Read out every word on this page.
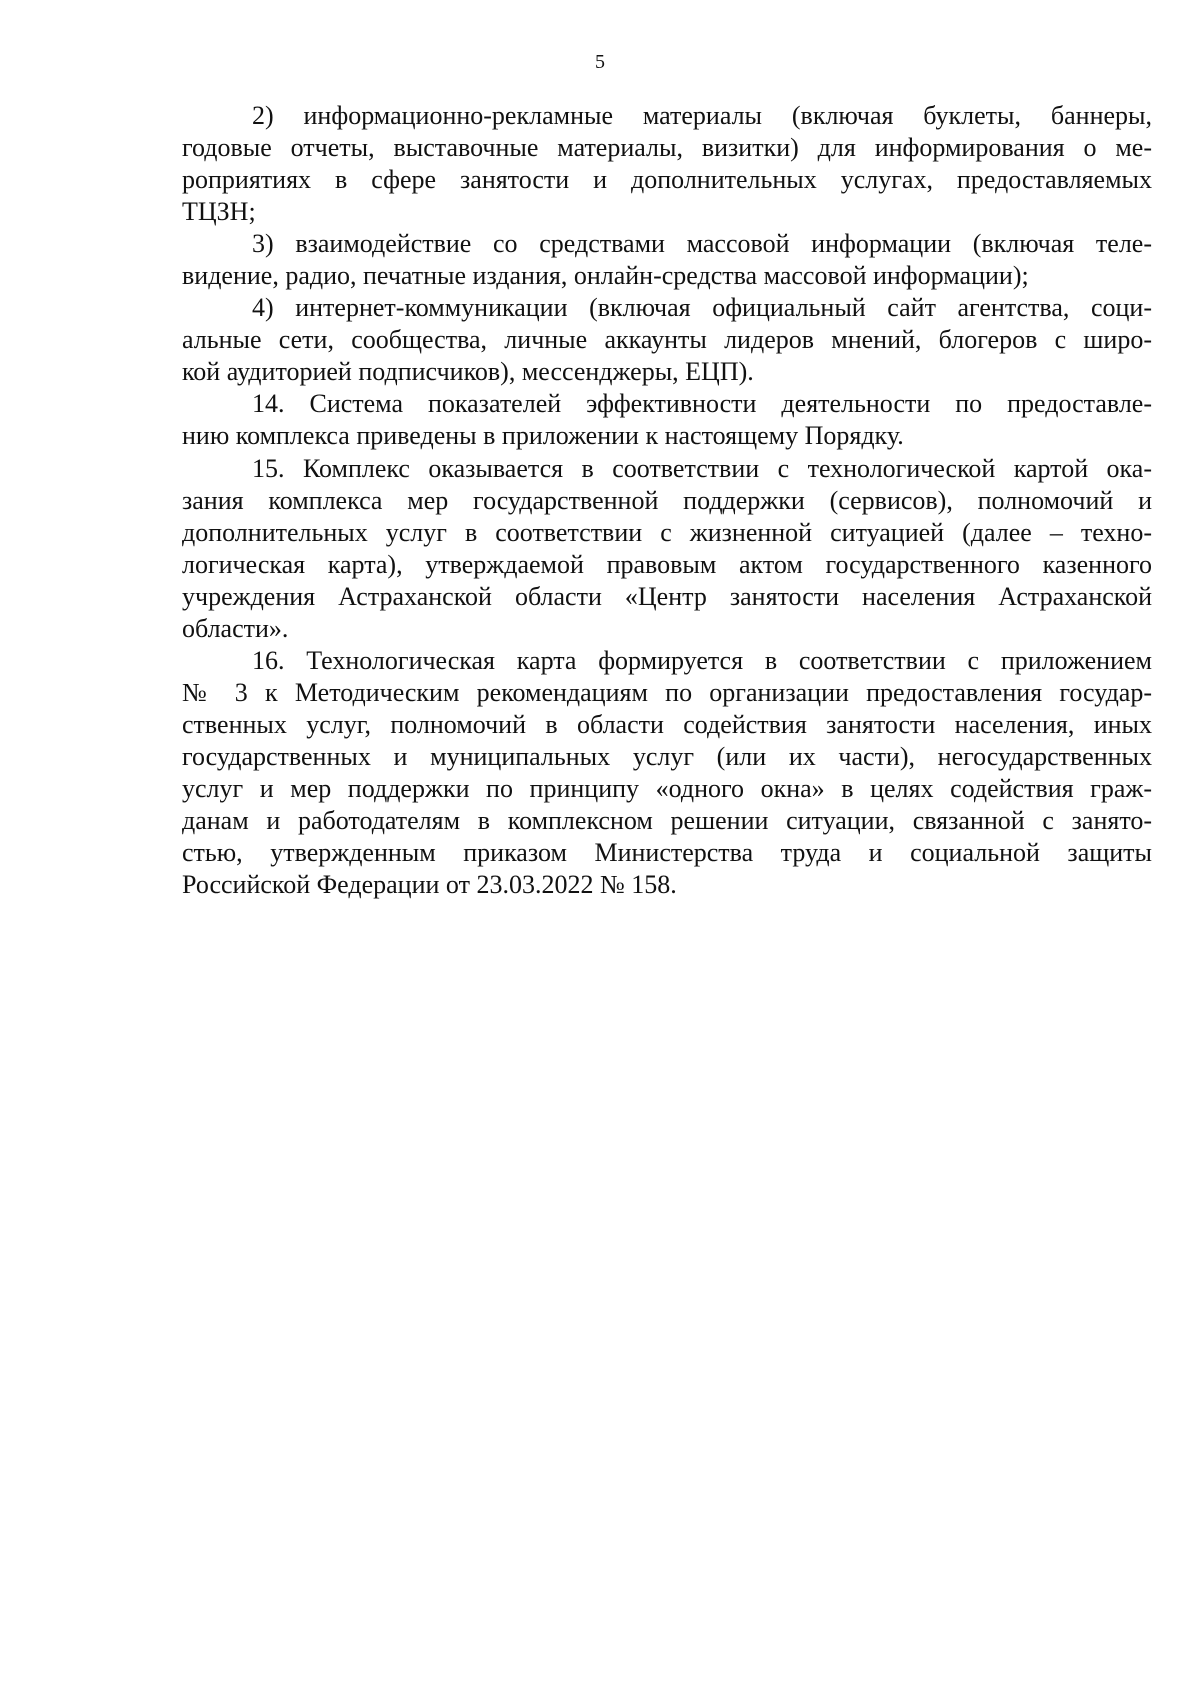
5
2) информационно-рекламные материалы (включая буклеты, баннеры,
годовые отчеты, выставочные материалы, визитки) для информирования о ме-
роприятиях в сфере занятости и дополнительных услугах, предоставляемых
ТЦЗН;
3) взаимодействие со средствами массовой информации (включая теле-
видение, радио, печатные издания, онлайн-средства массовой информации);
4) интернет-коммуникации (включая официальный сайт агентства, соци-
альные сети, сообщества, личные аккаунты лидеров мнений, блогеров с широ-
кой аудиторией подписчиков), мессенджеры, ЕЦП).
14. Система показателей эффективности деятельности по предоставле-
нию комплекса приведены в приложении к настоящему Порядку.
15. Комплекс оказывается в соответствии с технологической картой ока-
зания комплекса мер государственной поддержки (сервисов), полномочий и
дополнительных услуг в соответствии с жизненной ситуацией (далее – техно-
логическая карта), утверждаемой правовым актом государственного казенного
учреждения Астраханской области «Центр занятости населения Астраханской
области».
16. Технологическая карта формируется в соответствии с приложением
№ 3 к Методическим рекомендациям по организации предоставления государ-
ственных услуг, полномочий в области содействия занятости населения, иных
государственных и муниципальных услуг (или их части), негосударственных
услуг и мер поддержки по принципу «одного окна» в целях содействия граж-
данам и работодателям в комплексном решении ситуации, связанной с занято-
стью, утвержденным приказом Министерства труда и социальной защиты
Российской Федерации от 23.03.2022 № 158.
